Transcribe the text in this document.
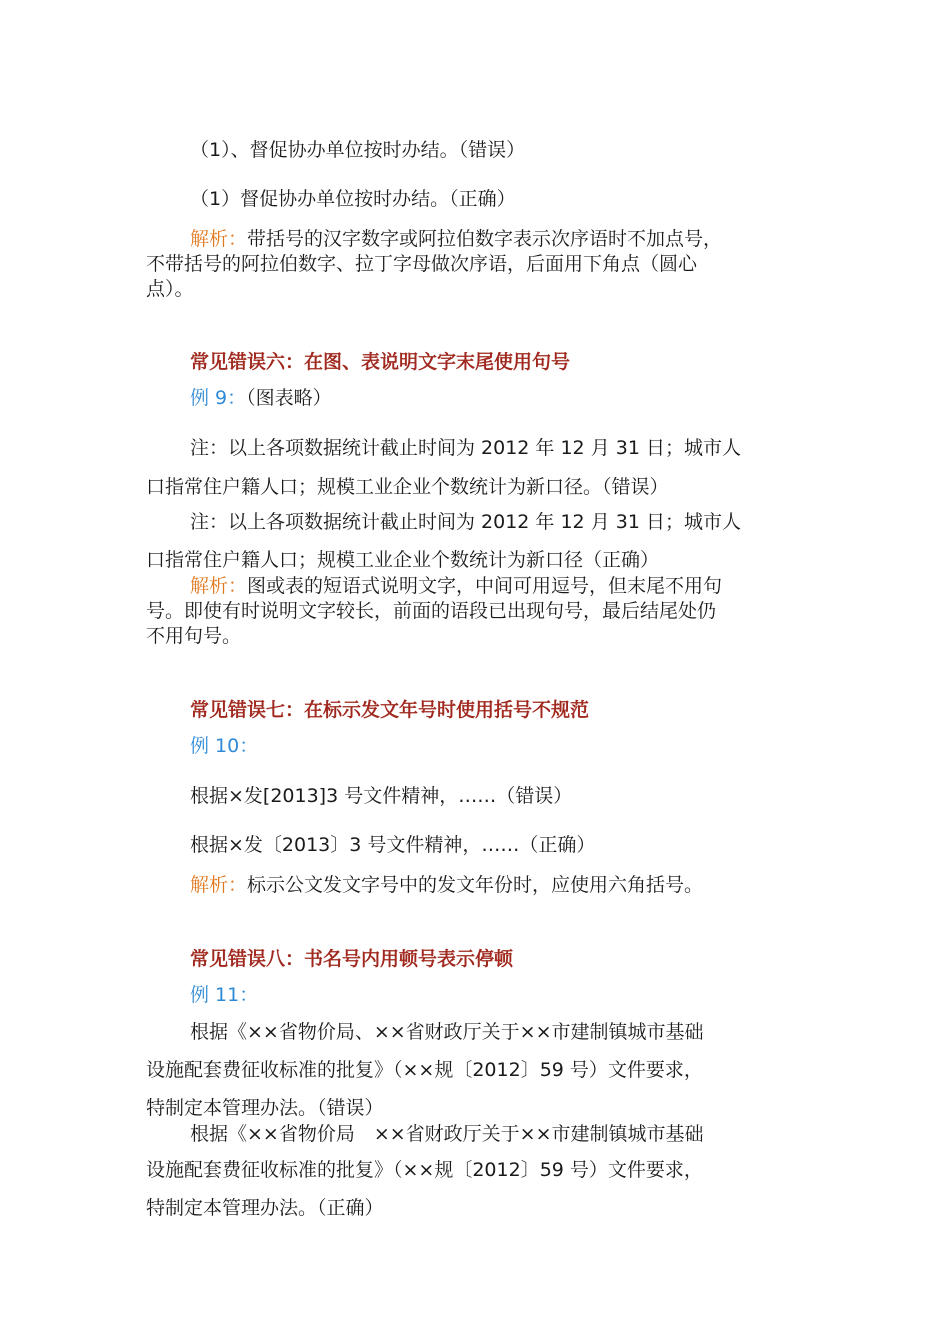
（1）、督促协办单位按时办结。（错误）
（1）督促协办单位按时办结。（正确）
解析：带括号的汉字数字或阿拉伯数字表示次序语时不加点号，
不带括号的阿拉伯数字、拉丁字母做次序语，后面用下角点（圆心
点）。
常见错误六：在图、表说明文字末尾使用句号
例 9：（图表略）
注：以上各项数据统计截止时间为 2012 年 12 月 31 日；城市人
口指常住户籍人口；规模工业企业个数统计为新口径。（错误）
注：以上各项数据统计截止时间为 2012 年 12 月 31 日；城市人
口指常住户籍人口；规模工业企业个数统计为新口径（正确）
解析：图或表的短语式说明文字，中间可用逗号，但末尾不用句
号。即使有时说明文字较长，前面的语段已出现句号，最后结尾处仍
不用句号。
常见错误七：在标示发文年号时使用括号不规范
例 10：
根据×发[2013]3 号文件精神，……（错误）
根据×发〔2013〕3 号文件精神，……（正确）
解析：标示公文发文字号中的发文年份时，应使用六角括号。
常见错误八：书名号内用顿号表示停顿
例 11：
根据《××省物价局、××省财政厅关于××市建制镇城市基础
设施配套费征收标准的批复》（××规〔2012〕59 号）文件要求，
特制定本管理办法。（错误）
根据《××省物价局　××省财政厅关于××市建制镇城市基础
设施配套费征收标准的批复》（××规〔2012〕59 号）文件要求，
特制定本管理办法。（正确）
